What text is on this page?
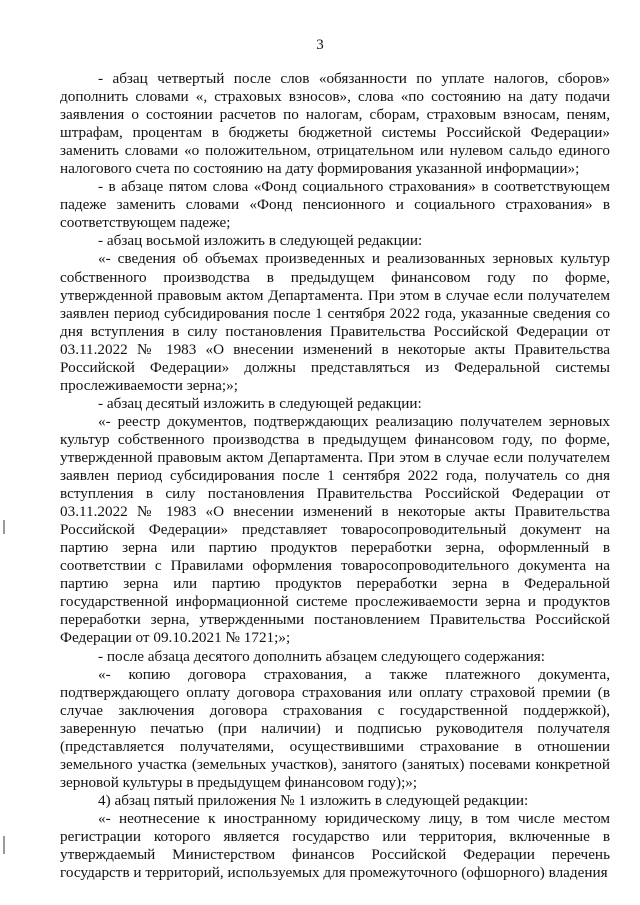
3

- абзац четвертый после слов «обязанности по уплате налогов, сборов» дополнить словами «, страховых взносов», слова «по состоянию на дату подачи заявления о состоянии расчетов по налогам, сборам, страховым взносам, пеням, штрафам, процентам в бюджеты бюджетной системы Российской Федерации» заменить словами «о положительном, отрицательном или нулевом сальдо единого налогового счета по состоянию на дату формирования указанной информации»;

- в абзаце пятом слова «Фонд социального страхования» в соответствующем падеже заменить словами «Фонд пенсионного и социального страхования» в соответствующем падеже;

- абзац восьмой изложить в следующей редакции:

«- сведения об объемах произведенных и реализованных зерновых культур собственного производства в предыдущем финансовом году по форме, утвержденной правовым актом Департамента. При этом в случае если получателем заявлен период субсидирования после 1 сентября 2022 года, указанные сведения со дня вступления в силу постановления Правительства Российской Федерации от 03.11.2022 № 1983 «О внесении изменений в некоторые акты Правительства Российской Федерации» должны представляться из Федеральной системы прослеживаемости зерна;»;

- абзац десятый изложить в следующей редакции:

«- реестр документов, подтверждающих реализацию получателем зерновых культур собственного производства в предыдущем финансовом году, по форме, утвержденной правовым актом Департамента. При этом в случае если получателем заявлен период субсидирования после 1 сентября 2022 года, получатель со дня вступления в силу постановления Правительства Российской Федерации от 03.11.2022 № 1983 «О внесении изменений в некоторые акты Правительства Российской Федерации» представляет товаросопроводительный документ на партию зерна или партию продуктов переработки зерна, оформленный в соответствии с Правилами оформления товаросопроводительного документа на партию зерна или партию продуктов переработки зерна в Федеральной государственной информационной системе прослеживаемости зерна и продуктов переработки зерна, утвержденными постановлением Правительства Российской Федерации от 09.10.2021 № 1721;»;

- после абзаца десятого дополнить абзацем следующего содержания:

«- копию договора страхования, а также платежного документа, подтверждающего оплату договора страхования или оплату страховой премии (в случае заключения договора страхования с государственной поддержкой), заверенную печатью (при наличии) и подписью руководителя получателя (представляется получателями, осуществившими страхование в отношении земельного участка (земельных участков), занятого (занятых) посевами конкретной зерновой культуры в предыдущем финансовом году);»;

4) абзац пятый приложения № 1 изложить в следующей редакции:

«- неотнесение к иностранному юридическому лицу, в том числе местом регистрации которого является государство или территория, включенные в утверждаемый Министерством финансов Российской Федерации перечень государств и территорий, используемых для промежуточного (офшорного) владения
